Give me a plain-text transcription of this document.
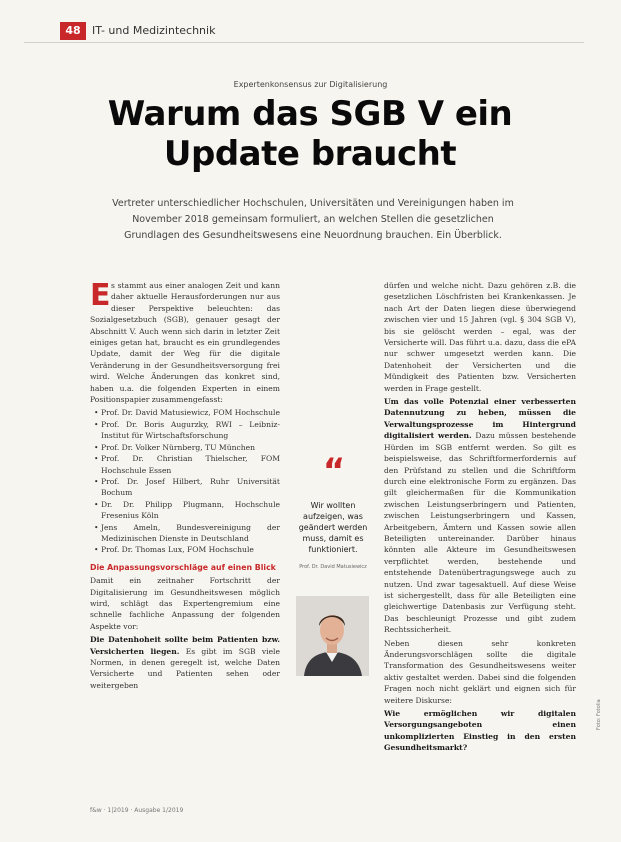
48	IT- und Medizintechnik
Expertenkonsensus zur Digitalisierung
Warum das SGB V ein Update braucht
Vertreter unterschiedlicher Hochschulen, Universitäten und Vereinigungen haben im November 2018 gemeinsam formuliert, an welchen Stellen die gesetzlichen Grundlagen des Gesundheitswesens eine Neuordnung brauchen. Ein Überblick.

Es stammt aus einer analogen Zeit und kann daher aktuelle Herausforderungen nur aus dieser Perspektive beleuchten: das Sozialgesetzbuch (SGB), genauer gesagt der Abschnitt V. Auch wenn sich darin in letzter Zeit einiges getan hat, braucht es ein grundlegendes Update, damit der Weg für die digitale Veränderung in der Gesundheitsversorgung frei wird. Welche Änderungen das konkret sind, haben u.a. die folgenden Experten in einem Positionspapier zusammengefasst:

• Prof. Dr. David Matusiewicz, FOM Hochschule
• Prof. Dr. Boris Augurzky, RWI – Leibniz-Institut für Wirtschaftsforschung
• Prof. Dr. Volker Nürnberg, TU München
• Prof. Dr. Christian Thielscher, FOM Hochschule Essen
• Prof. Dr. Josef Hilbert, Ruhr Universität Bochum
• Dr. Dr. Philipp Plugmann, Hochschule Fresenius Köln
• Jens Ameln, Bundesvereinigung der Medizinischen Dienste in Deutschland
• Prof. Dr. Thomas Lux, FOM Hochschule

Die Anpassungsvorschläge auf einen Blick

Damit ein zeitnaher Fortschritt der Digitalisierung im Gesundheitswesen möglich wird, schlägt das Expertengremium eine schnelle fachliche Anpassung der folgenden Aspekte vor:

Die Datenhoheit sollte beim Patienten bzw. Versicherten liegen. Es gibt im SGB viele Normen, in denen geregelt ist, welche Daten Versicherte und Patienten sehen oder weitergeben

“
Wir wollten aufzeigen, was geändert werden muss, damit es funktioniert.
Prof. Dr. David Matusiewicz

dürfen und welche nicht. Dazu gehören z.B. die gesetzlichen Löschfristen bei Krankenkassen. Je nach Art der Daten liegen diese überwiegend zwischen vier und 15 Jahren (vgl. § 304 SGB V), bis sie gelöscht werden – egal, was der Versicherte will. Das führt u.a. dazu, dass die ePA nur schwer umgesetzt werden kann. Die Datenhoheit der Versicherten und die Mündigkeit des Patienten bzw. Versicherten werden in Frage gestellt.

Um das volle Potenzial einer verbesserten Datennutzung zu heben, müssen die Verwaltungsprozesse im Hintergrund digitalisiert werden. Dazu müssen bestehende Hürden im SGB entfernt werden. So gilt es beispielsweise, das Schriftformerfordernis auf den Prüfstand zu stellen und die Schriftform durch eine elektronische Form zu ergänzen. Das gilt gleichermaßen für die Kommunikation zwischen Leistungserbringern und Patienten, zwischen Leistungserbringern und Kassen, Arbeitgebern, Ämtern und Kassen sowie allen Beteiligten untereinander. Darüber hinaus könnten alle Akteure im Gesundheitswesen verpflichtet werden, bestehende und entstehende Datenübertragungswege auch zu nutzen. Und zwar tagesaktuell. Auf diese Weise ist sichergestellt, dass für alle Beteiligten eine gleichwertige Datenbasis zur Verfügung steht. Das beschleunigt Prozesse und gibt zudem Rechtssicherheit.

Neben diesen sehr konkreten Änderungsvorschlägen sollte die digitale Transformation des Gesundheitswesens weiter aktiv gestaltet werden. Dabei sind die folgenden Fragen noch nicht geklärt und eignen sich für weitere Diskurse:

Wie ermöglichen wir digitalen Versorgungsangeboten einen unkomplizierten Einstieg in den ersten Gesundheitsmarkt?

f&w · 1|2019 · Ausgabe 1/2019
Foto: Fotolia
